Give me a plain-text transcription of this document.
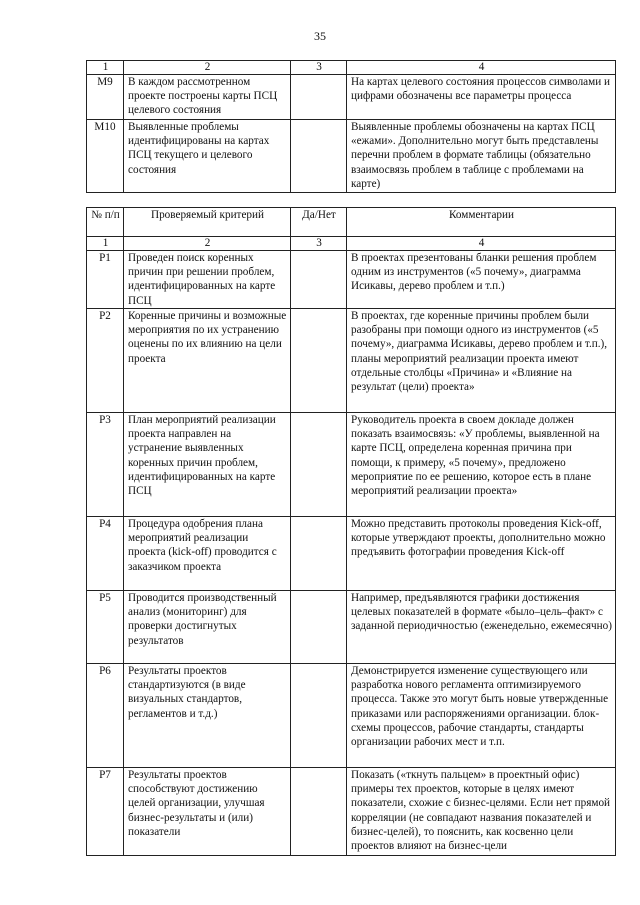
35
1	2	3	4
М9	В каждом рассмотренном проекте построены карты ПСЦ целевого состояния		На картах целевого состояния процессов символами и цифрами обозначены все параметры процесса
М10	Выявленные проблемы идентифицированы на картах ПСЦ текущего и целевого состояния		Выявленные проблемы обозначены на картах ПСЦ «ежами». Дополнительно могут быть представлены перечни проблем в формате таблицы (обязательно взаимосвязь проблем в таблице с проблемами на карте)
№ п/п	Проверяемый критерий	Да/Нет	Комментарии
1	2	3	4
Р1	Проведен поиск коренных причин при решении проблем, идентифицированных на карте ПСЦ		В проектах презентованы бланки решения проблем одним из инструментов («5 почему», диаграмма Исикавы, дерево проблем и т.п.)
Р2	Коренные причины и возможные мероприятия по их устранению оценены по их влиянию на цели проекта		В проектах, где коренные причины проблем были разобраны при помощи одного из инструментов («5 почему», диаграмма Исикавы, дерево проблем и т.п.), планы мероприятий реализации проекта имеют отдельные столбцы «Причина» и «Влияние на результат (цели) проекта»
Р3	План мероприятий реализации проекта направлен на устранение выявленных коренных причин проблем, идентифицированных на карте ПСЦ		Руководитель проекта в своем докладе должен показать взаимосвязь: «У проблемы, выявленной на карте ПСЦ, определена коренная причина при помощи, к примеру, «5 почему», предложено мероприятие по ее решению, которое есть в плане мероприятий реализации проекта»
Р4	Процедура одобрения плана мероприятий реализации проекта (kick-off) проводится с заказчиком проекта		Можно представить протоколы проведения Kick-off, которые утверждают проекты, дополнительно можно предъявить фотографии проведения Kick-off
Р5	Проводится производственный анализ (мониторинг) для проверки достигнутых результатов		Например, предъявляются графики достижения целевых показателей в формате «было–цель–факт» с заданной периодичностью (еженедельно, ежемесячно)
Р6	Результаты проектов стандартизуются (в виде визуальных стандартов, регламентов и т.д.)		Демонстрируется изменение существующего или разработка нового регламента оптимизируемого процесса. Также это могут быть новые утвержденные приказами или распоряжениями организации. блок-схемы процессов, рабочие стандарты, стандарты организации рабочих мест и т.п.
Р7	Результаты проектов способствуют достижению целей организации, улучшая бизнес-результаты и (или) показатели		Показать («ткнуть пальцем» в проектный офис) примеры тех проектов, которые в целях имеют показатели, схожие с бизнес-целями. Если нет прямой корреляции (не совпадают названия показателей и бизнес-целей), то пояснить, как косвенно цели проектов влияют на бизнес-цели
